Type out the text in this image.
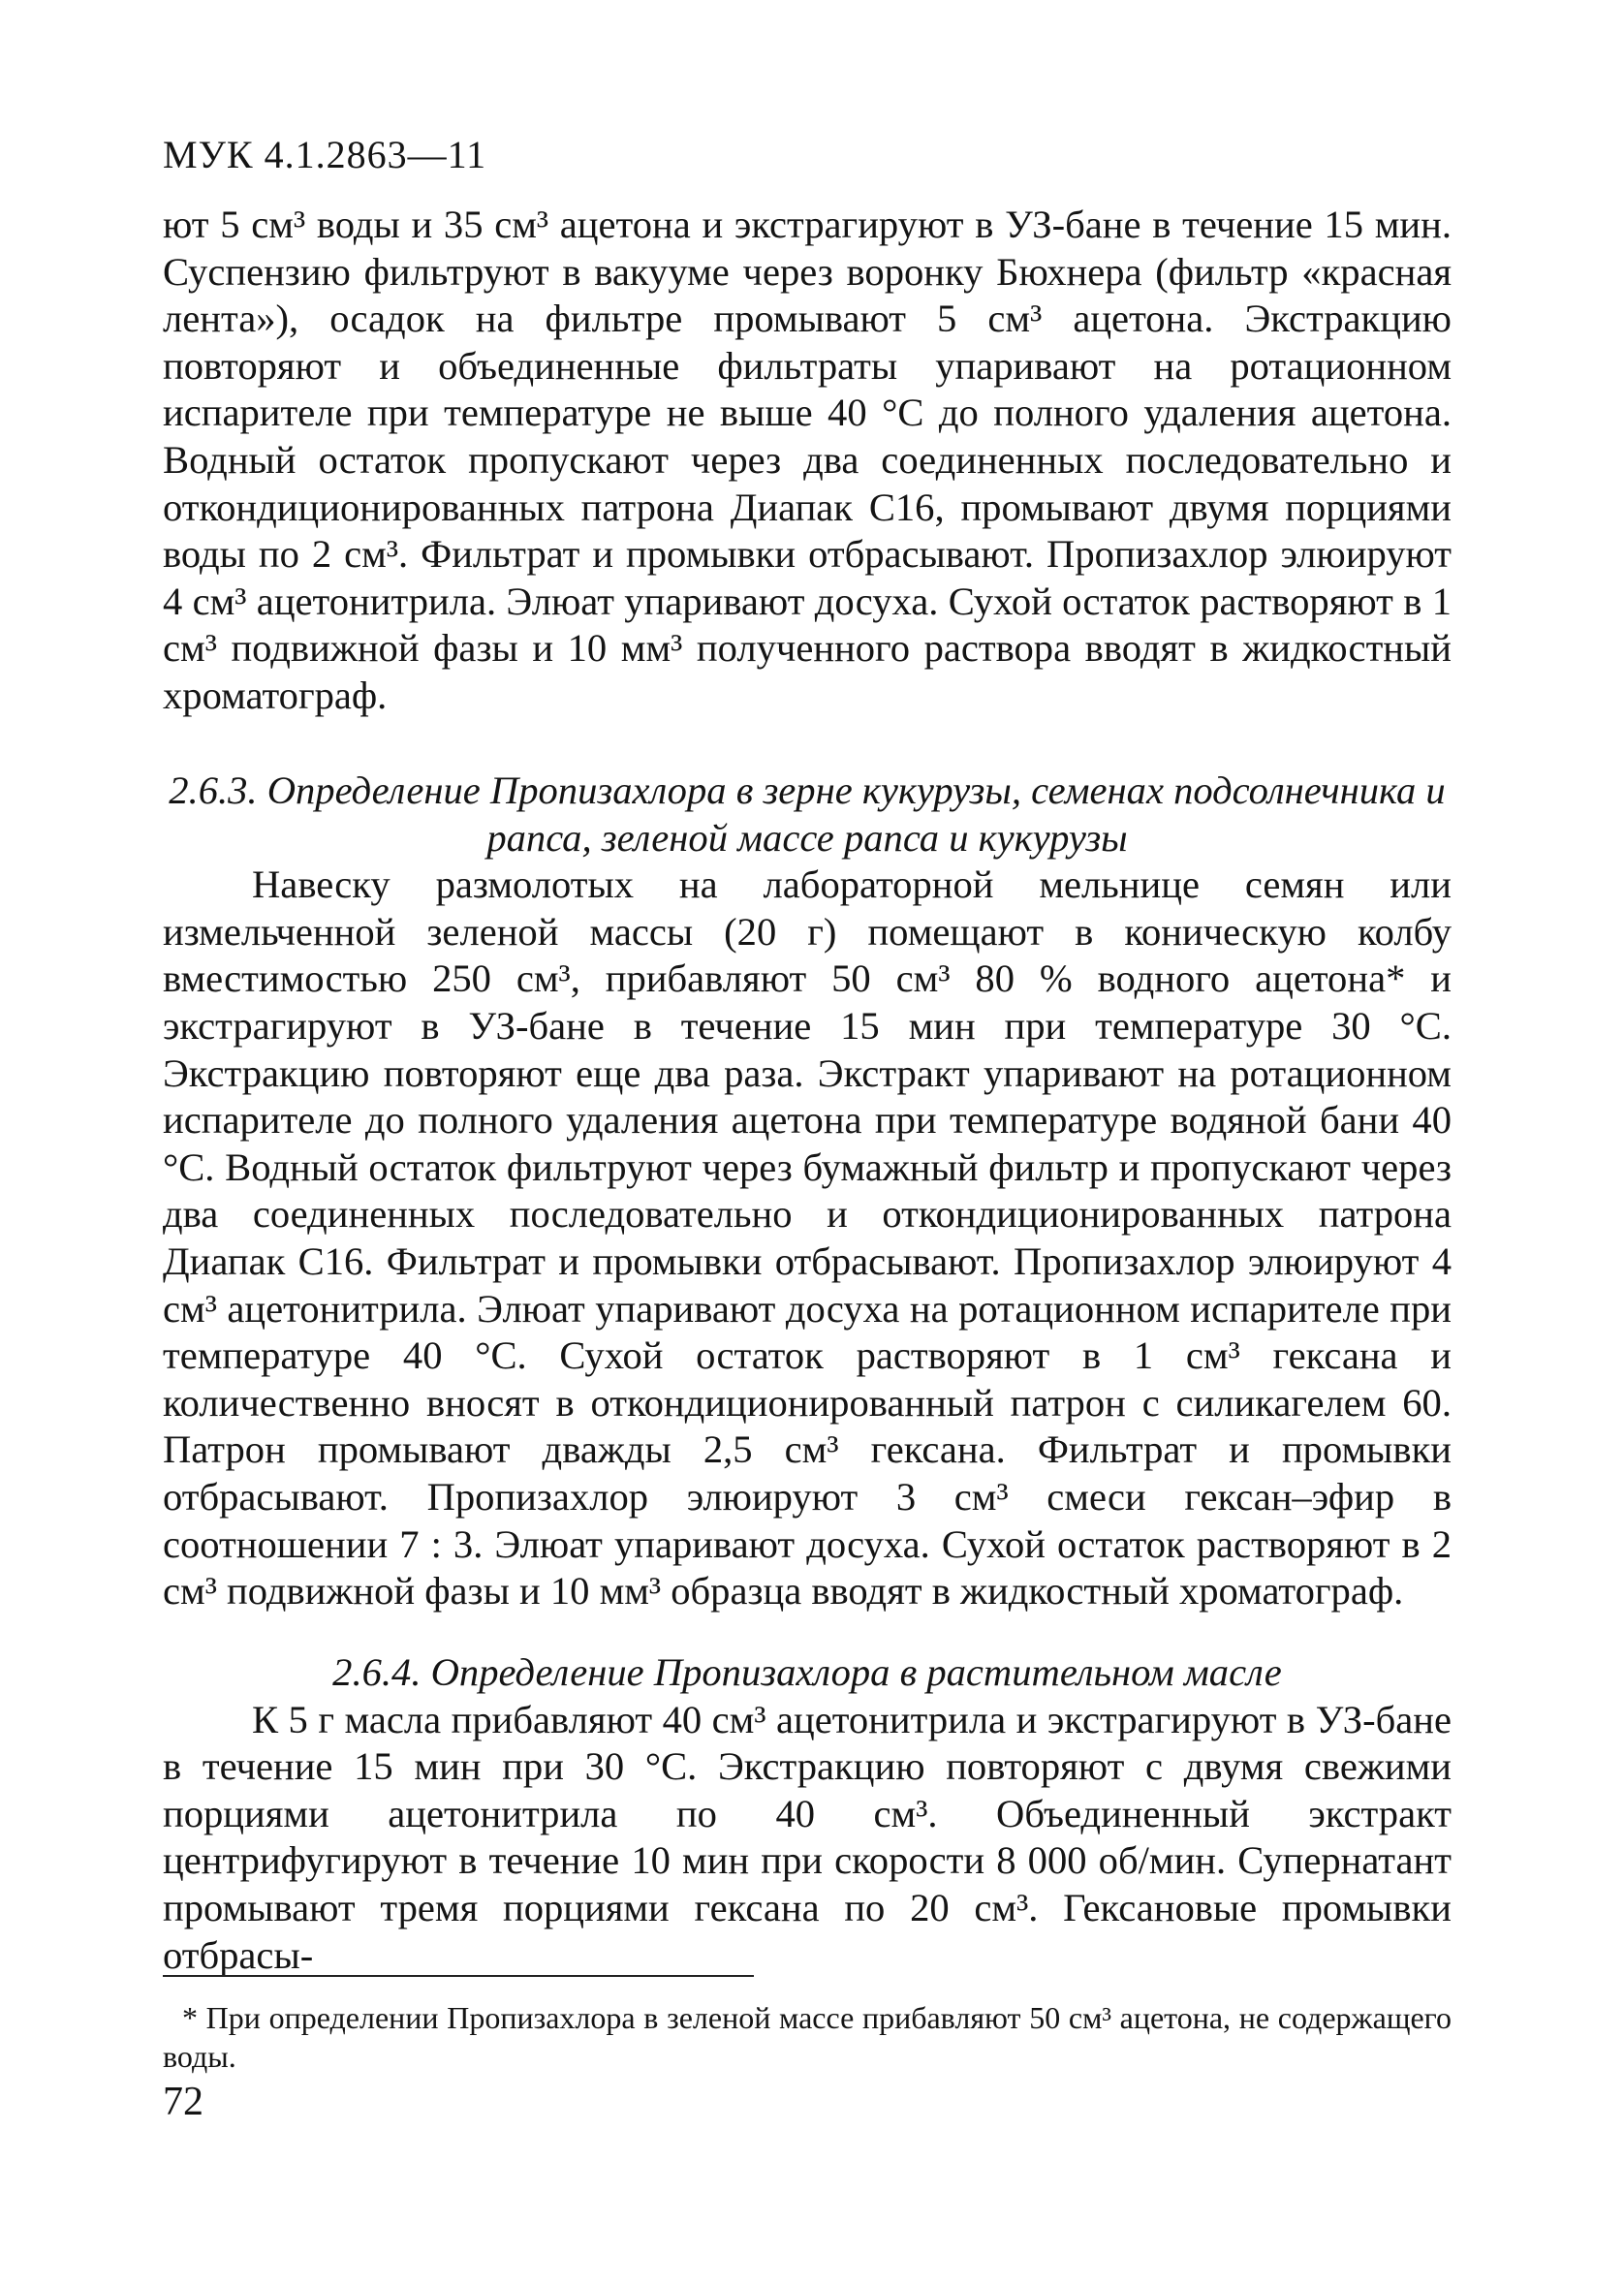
МУК 4.1.2863—11

ют 5 см³ воды и 35 см³ ацетона и экстрагируют в УЗ-бане в течение 15 мин. Суспензию фильтруют в вакууме через воронку Бюхнера (фильтр «красная лента»), осадок на фильтре промывают 5 см³ ацетона. Экстракцию повторяют и объединенные фильтраты упаривают на ротационном испарителе при температуре не выше 40 °С до полного удаления ацетона. Водный остаток пропускают через два соединенных последовательно и откондиционированных патрона Диапак С16, промывают двумя порциями воды по 2 см³. Фильтрат и промывки отбрасывают. Пропизахлор элюируют 4 см³ ацетонитрила. Элюат упаривают досуха. Сухой остаток растворяют в 1 см³ подвижной фазы и 10 мм³ полученного раствора вводят в жидкостный хроматограф.

2.6.3. Определение Пропизахлора в зерне кукурузы, семенах подсолнечника и рапса, зеленой массе рапса и кукурузы

Навеску размолотых на лабораторной мельнице семян или измельченной зеленой массы (20 г) помещают в коническую колбу вместимостью 250 см³, прибавляют 50 см³ 80 % водного ацетона* и экстрагируют в УЗ-бане в течение 15 мин при температуре 30 °С. Экстракцию повторяют еще два раза. Экстракт упаривают на ротационном испарителе до полного удаления ацетона при температуре водяной бани 40 °С. Водный остаток фильтруют через бумажный фильтр и пропускают через два соединенных последовательно и откондиционированных патрона Диапак С16. Фильтрат и промывки отбрасывают. Пропизахлор элюируют 4 см³ ацетонитрила. Элюат упаривают досуха на ротационном испарителе при температуре 40 °С. Сухой остаток растворяют в 1 см³ гексана и количественно вносят в откондиционированный патрон с силикагелем 60. Патрон промывают дважды 2,5 см³ гексана. Фильтрат и промывки отбрасывают. Пропизахлор элюируют 3 см³ смеси гексан–эфир в соотношении 7 : 3. Элюат упаривают досуха. Сухой остаток растворяют в 2 см³ подвижной фазы и 10 мм³ образца вводят в жидкостный хроматограф.

2.6.4. Определение Пропизахлора в растительном масле

К 5 г масла прибавляют 40 см³ ацетонитрила и экстрагируют в УЗ-бане в течение 15 мин при 30 °С. Экстракцию повторяют с двумя свежими порциями ацетонитрила по 40 см³. Объединенный экстракт центрифугируют в течение 10 мин при скорости 8 000 об/мин. Супернатант промывают тремя порциями гексана по 20 см³. Гексановые промывки отбрасы-

* При определении Пропизахлора в зеленой массе прибавляют 50 см³ ацетона, не содержащего воды.
72
